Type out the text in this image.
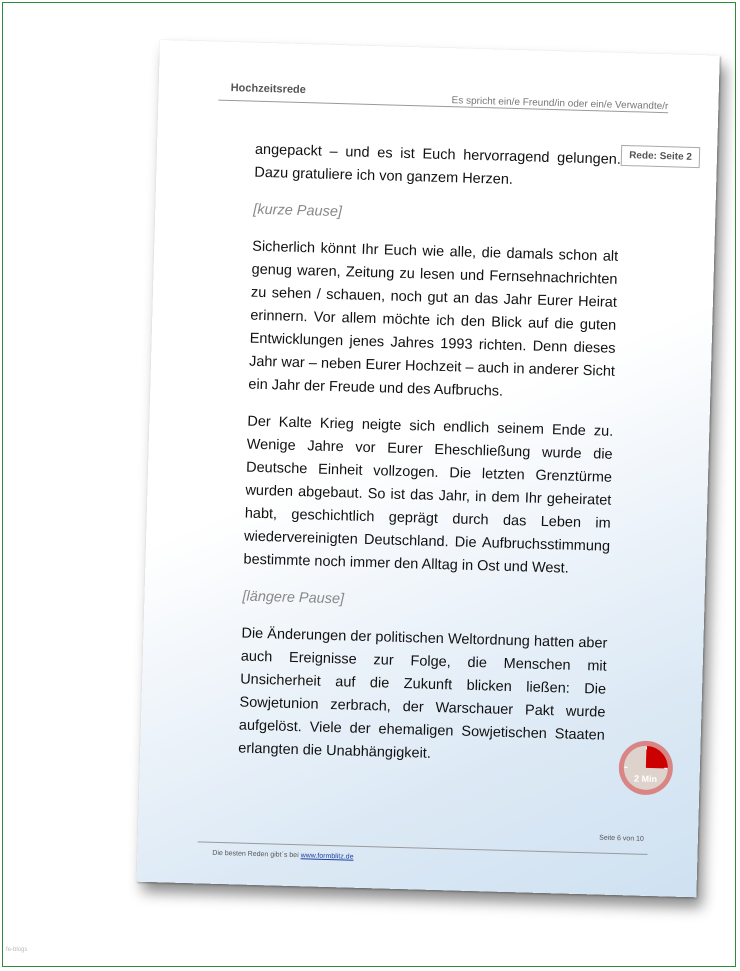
Hochzeitsrede
Es spricht ein/e Freund/in oder ein/e Verwandte/r
Rede: Seite 2

angepackt – und es ist Euch hervorragend gelungen. Dazu gratuliere ich von ganzem Herzen.

[kurze Pause]

Sicherlich könnt Ihr Euch wie alle, die damals schon alt genug waren, Zeitung zu lesen und Fernsehnachrichten zu sehen / schauen, noch gut an das Jahr Eurer Heirat erinnern. Vor allem möchte ich den Blick auf die guten Entwicklungen jenes Jahres 1993 richten. Denn dieses Jahr war – neben Eurer Hochzeit – auch in anderer Sicht ein Jahr der Freude und des Aufbruchs.

Der Kalte Krieg neigte sich endlich seinem Ende zu. Wenige Jahre vor Eurer Eheschließung wurde die Deutsche Einheit vollzogen. Die letzten Grenztürme wurden abgebaut. So ist das Jahr, in dem Ihr geheiratet habt, geschichtlich geprägt durch das Leben im wiedervereinigten Deutschland. Die Aufbruchsstimmung bestimmte noch immer den Alltag in Ost und West.

[längere Pause]

Die Änderungen der politischen Weltordnung hatten aber auch Ereignisse zur Folge, die Menschen mit Unsicherheit auf die Zukunft blicken ließen: Die Sowjetunion zerbrach, der Warschauer Pakt wurde aufgelöst. Viele der ehemaligen Sowjetischen Staaten erlangten die Unabhängigkeit.

2 Min
Seite 6 von 10
Die besten Reden gibt´s bei www.formblitz.de
fe-blogs
